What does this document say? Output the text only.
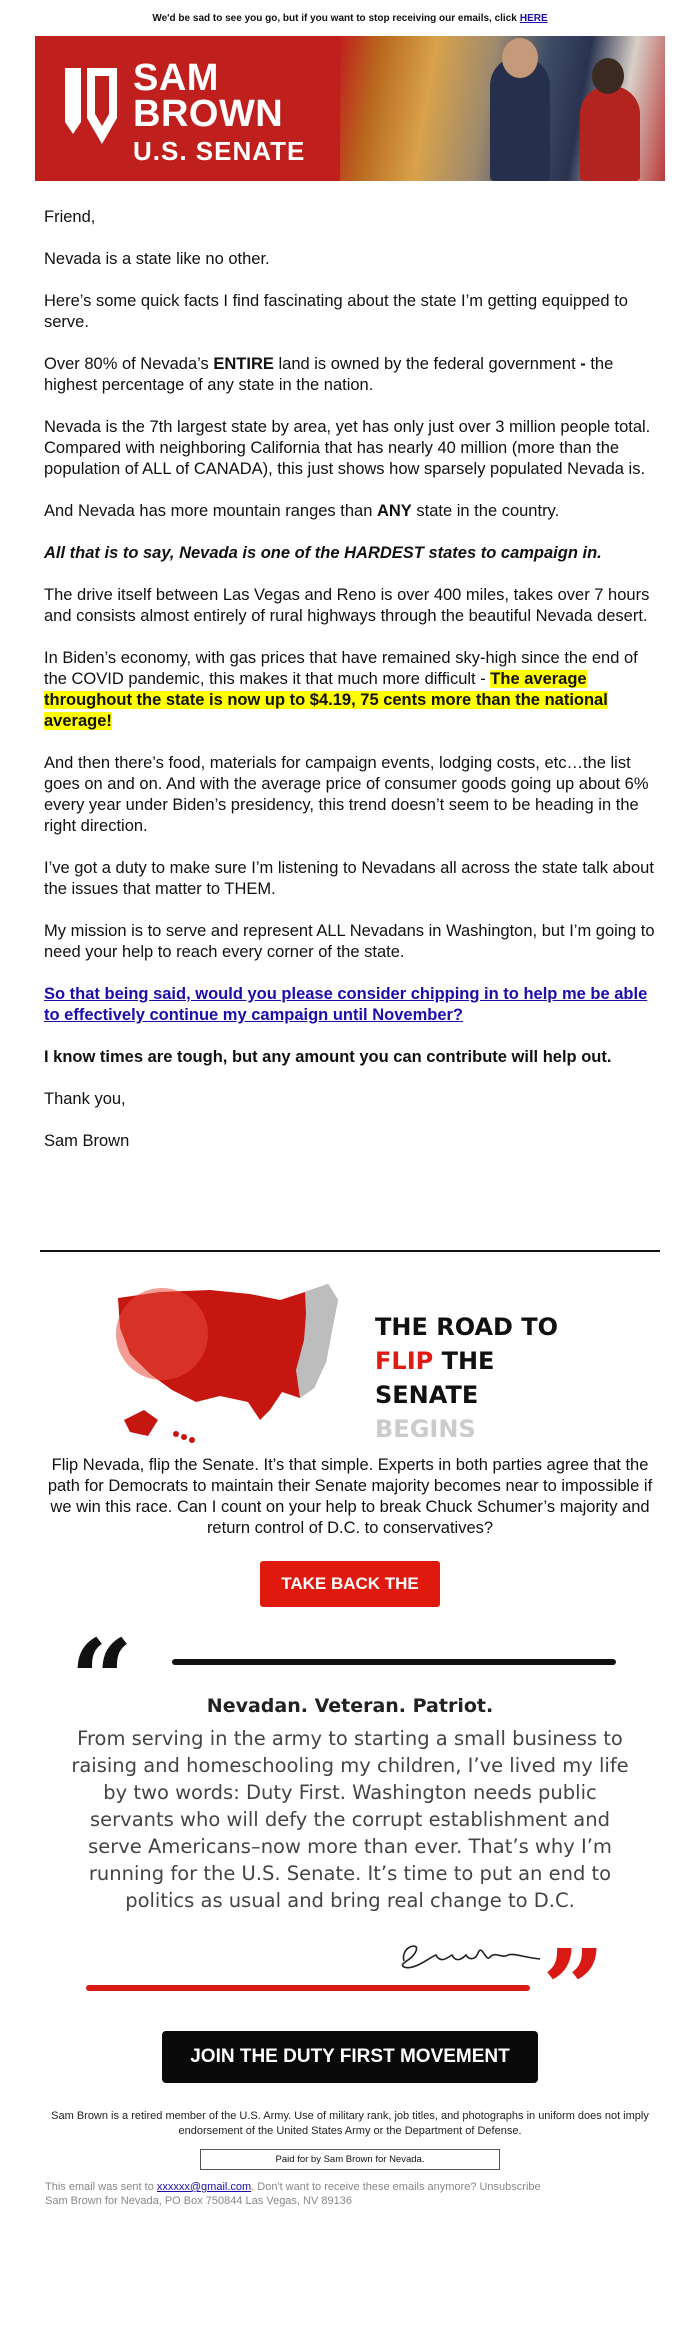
We'd be sad to see you go, but if you want to stop receiving our emails, click HERE
SAM
BROWN
U.S. SENATE

Friend,

Nevada is a state like no other.

Here’s some quick facts I find fascinating about the state I’m getting equipped to serve.

Over 80% of Nevada’s ENTIRE land is owned by the federal government - the highest percentage of any state in the nation.

Nevada is the 7th largest state by area, yet has only just over 3 million people total. Compared with neighboring California that has nearly 40 million (more than the population of ALL of CANADA), this just shows how sparsely populated Nevada is.

And Nevada has more mountain ranges than ANY state in the country.

All that is to say, Nevada is one of the HARDEST states to campaign in.

The drive itself between Las Vegas and Reno is over 400 miles, takes over 7 hours and consists almost entirely of rural highways through the beautiful Nevada desert.

In Biden’s economy, with gas prices that have remained sky-high since the end of the COVID pandemic, this makes it that much more difficult - The average throughout the state is now up to $4.19, 75 cents more than the national average!

And then there’s food, materials for campaign events, lodging costs, etc…the list goes on and on. And with the average price of consumer goods going up about 6% every year under Biden’s presidency, this trend doesn’t seem to be heading in the right direction.

I’ve got a duty to make sure I’m listening to Nevadans all across the state talk about the issues that matter to THEM.

My mission is to serve and represent ALL Nevadans in Washington, but I’m going to need your help to reach every corner of the state.

So that being said, would you please consider chipping in to help me be able to effectively continue my campaign until November?

I know times are tough, but any amount you can contribute will help out.

Thank you,

Sam Brown

THE ROAD TO
FLIP THE SENATE
BEGINS
Flip Nevada, flip the Senate. It’s that simple. Experts in both parties agree that the path for Democrats to maintain their Senate majority becomes near to impossible if we win this race. Can I count on your help to break Chuck Schumer’s majority and return control of D.C. to conservatives?
TAKE BACK THE SENATE
“	Nevadan. Veteran. Patriot.
From serving in the army to starting a small business to raising and homeschooling my children, I’ve lived my life by two words: Duty First. Washington needs public servants who will defy the corrupt establishment and serve Americans–now more than ever. That’s why I’m running for the U.S. Senate. It’s time to put an end to politics as usual and bring real change to D.C.
”
JOIN THE DUTY FIRST MOVEMENT
Sam Brown is a retired member of the U.S. Army. Use of military rank, job titles, and photographs in uniform does not imply endorsement of the United States Army or the Department of Defense.
Paid for by Sam Brown for Nevada.
This email was sent to xxxxxx@gmail.com. Don't want to receive these emails anymore? Unsubscribe
Sam Brown for Nevada, PO Box 750844 Las Vegas, NV 89136
